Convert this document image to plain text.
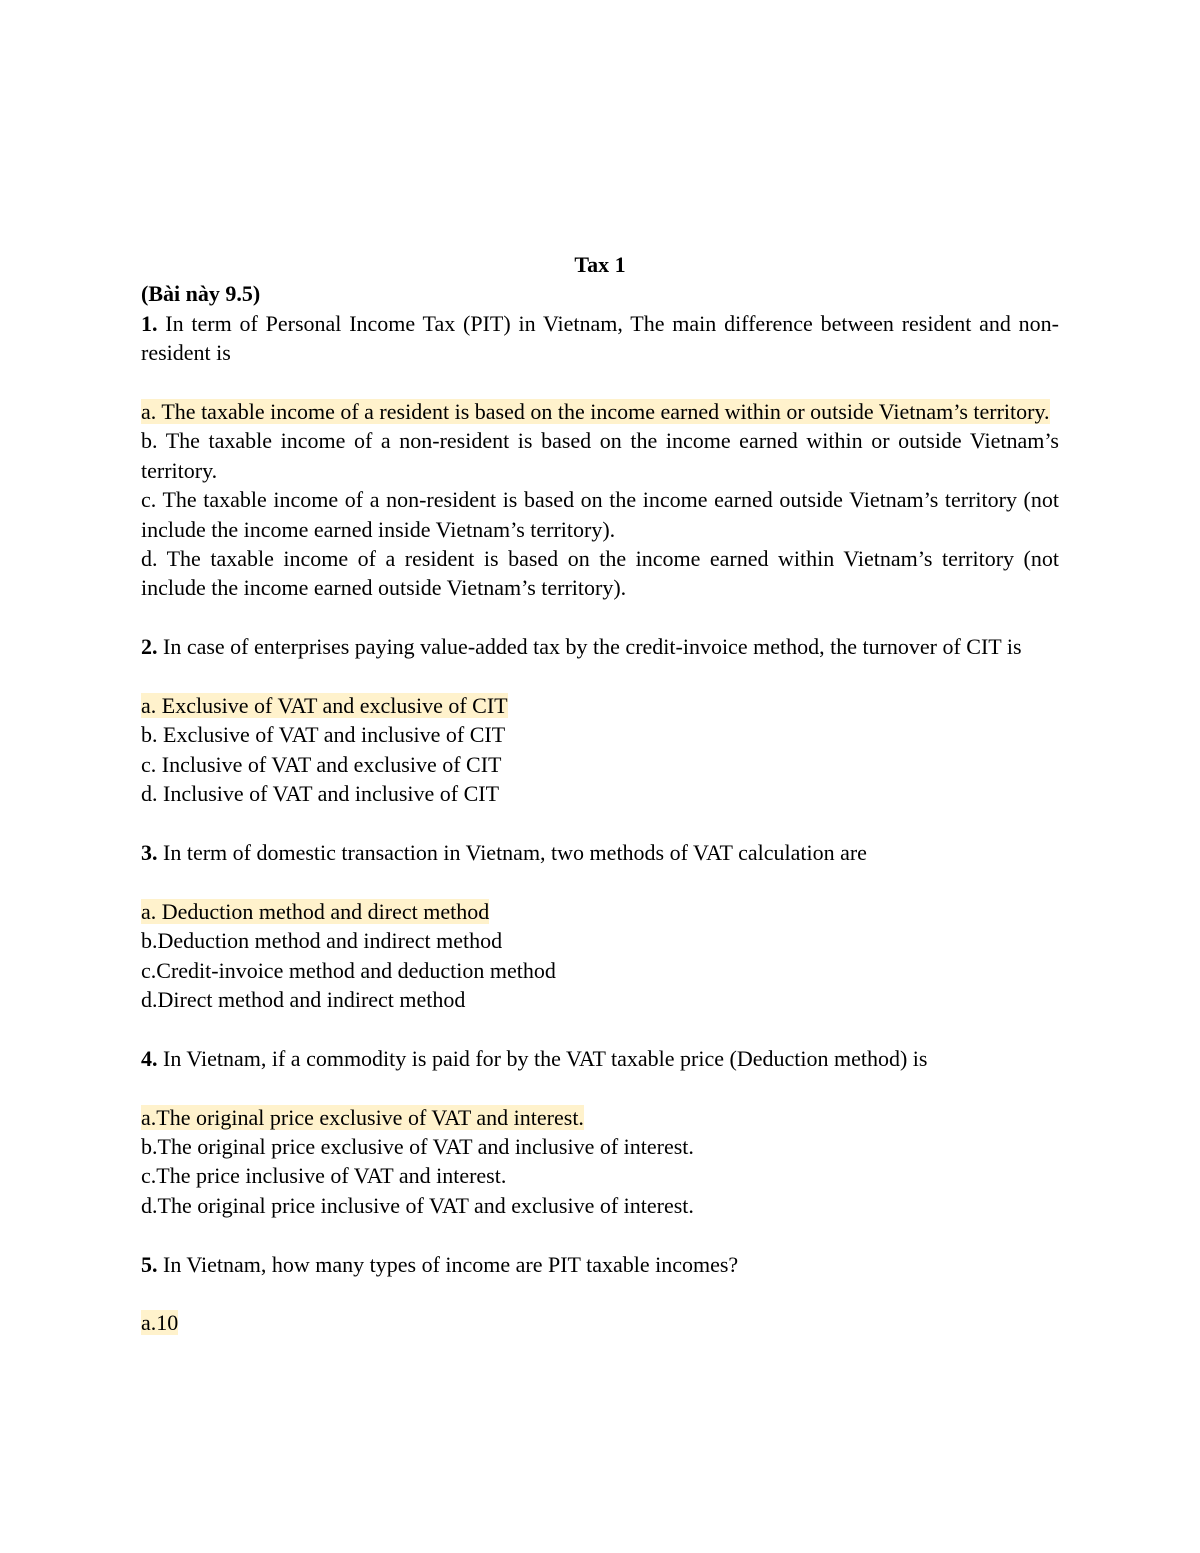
Tax 1

(Bài này 9.5)

1. In term of Personal Income Tax (PIT) in Vietnam, The main difference between resident and non-resident is

a. The taxable income of a resident is based on the income earned within or outside Vietnam’s territory.

b. The taxable income of a non-resident is based on the income earned within or outside Vietnam’s territory.

c. The taxable income of a non-resident is based on the income earned outside Vietnam’s territory (not include the income earned inside Vietnam’s territory).

d. The taxable income of a resident is based on the income earned within Vietnam’s territory (not include the income earned outside Vietnam’s territory).

2. In case of enterprises paying value-added tax by the credit-invoice method, the turnover of CIT is

a. Exclusive of VAT and exclusive of CIT

b. Exclusive of VAT and inclusive of CIT

c. Inclusive of VAT and exclusive of CIT

d. Inclusive of VAT and inclusive of CIT

3. In term of domestic transaction in Vietnam, two methods of VAT calculation are

a. Deduction method and direct method

b.Deduction method and indirect method

c.Credit-invoice method and deduction method

d.Direct method and indirect method

4. In Vietnam, if a commodity is paid for by the VAT taxable price (Deduction method) is

a.The original price exclusive of VAT and interest.

b.The original price exclusive of VAT and inclusive of interest.

c.The price inclusive of VAT and interest.

d.The original price inclusive of VAT and exclusive of interest.

5. In Vietnam, how many types of income are PIT taxable incomes?

a.10
